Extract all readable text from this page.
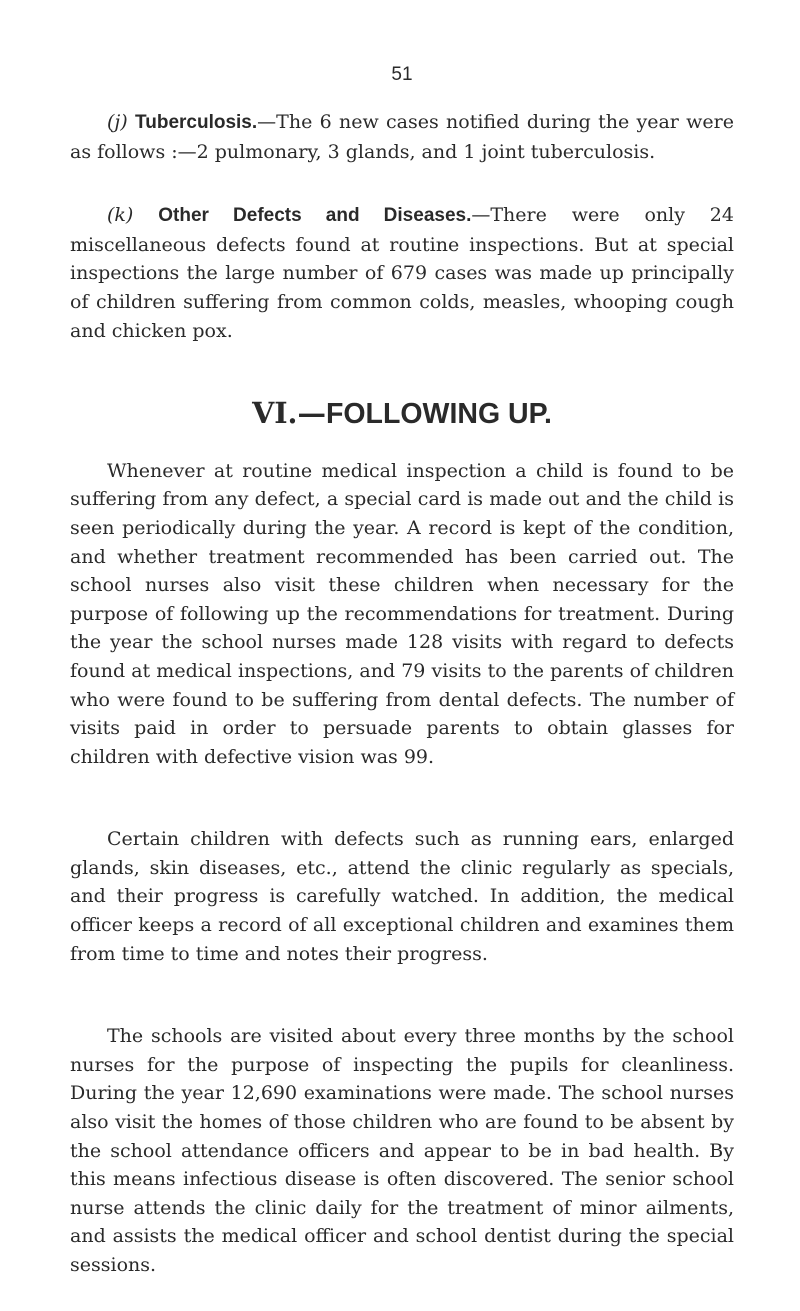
51

(j) Tuberculosis.—The 6 new cases notified during the year were as follows :—2 pulmonary, 3 glands, and 1 joint tuberculosis.

(k) Other Defects and Diseases.—There were only 24 miscellaneous defects found at routine inspections. But at special inspections the large number of 679 cases was made up principally of children suffering from common colds, measles, whooping cough and chicken pox.

VI.—FOLLOWING UP.

Whenever at routine medical inspection a child is found to be suffering from any defect, a special card is made out and the child is seen periodically during the year. A record is kept of the condition, and whether treatment recommended has been carried out. The school nurses also visit these children when necessary for the purpose of following up the recommendations for treatment. During the year the school nurses made 128 visits with regard to defects found at medical inspections, and 79 visits to the parents of children who were found to be suffering from dental defects. The number of visits paid in order to persuade parents to obtain glasses for children with defective vision was 99.

Certain children with defects such as running ears, enlarged glands, skin diseases, etc., attend the clinic regularly as specials, and their progress is carefully watched. In addition, the medical officer keeps a record of all exceptional children and examines them from time to time and notes their progress.

The schools are visited about every three months by the school nurses for the purpose of inspecting the pupils for cleanliness. During the year 12,690 examinations were made. The school nurses also visit the homes of those children who are found to be absent by the school attendance officers and appear to be in bad health. By this means infectious disease is often discovered. The senior school nurse attends the clinic daily for the treatment of minor ailments, and assists the medical officer and school dentist during the special sessions.
